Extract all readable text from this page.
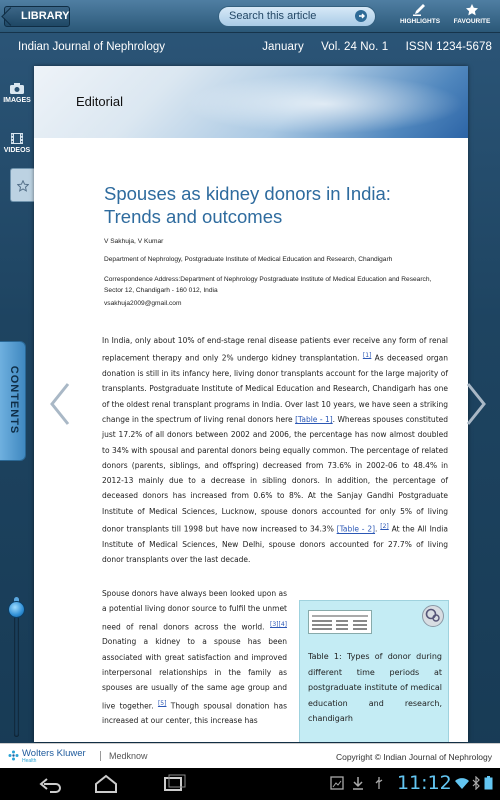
LIBRARY	Search this article	HIGHLIGHTS	FAVOURITE
Indian Journal of Nephrology	January Vol. 24 No. 1 ISSN 1234-5678
IMAGES
VIDEOS
CONTENTS
Editorial
Spouses as kidney donors in India: Trends and outcomes
V Sakhuja, V Kumar
Department of Nephrology, Postgraduate Institute of Medical Education and Research, Chandigarh
Correspondence Address:Department of Nephrology Postgraduate Institute of Medical Education and Research, Sector 12, Chandigarh - 160 012, India
vsakhuja2009@gmail.com
In India, only about 10% of end-stage renal disease patients ever receive any form of renal replacement therapy and only 2% undergo kidney transplantation. [1] As deceased organ donation is still in its infancy here, living donor transplants account for the large majority of transplants. Postgraduate Institute of Medical Education and Research, Chandigarh has one of the oldest renal transplant programs in India. Over last 10 years, we have seen a striking change in the spectrum of living renal donors here [Table - 1]. Whereas spouses constituted just 17.2% of all donors between 2002 and 2006, the percentage has now almost doubled to 34% with spousal and parental donors being equally common. The percentage of related donors (parents, siblings, and offspring) decreased from 73.6% in 2002-06 to 48.4% in 2012-13 mainly due to a decrease in sibling donors. In addition, the percentage of deceased donors has increased from 0.6% to 8%. At the Sanjay Gandhi Postgraduate Institute of Medical Sciences, Lucknow, spouse donors accounted for only 5% of living donor transplants till 1998 but have now increased to 34.3% [Table - 2]. [2] At the All India Institute of Medical Sciences, New Delhi, spouse donors accounted for 27.7% of living donor transplants over the last decade.
Spouse donors have always been looked upon as a potential living donor source to fulfil the unmet need of renal donors across the world. [3][4] Donating a kidney to a spouse has been associated with great satisfaction and improved interpersonal relationships in the family as spouses are usually of the same age group and live together. [5] Though spousal donation has increased at our center, this increase has
Table 1: Types of donor during different time periods at postgraduate institute of medical education and research, chandigarh
Wolters Kluwer
Health	Medknow	Copyright © Indian Journal of Nephrology
11:12
